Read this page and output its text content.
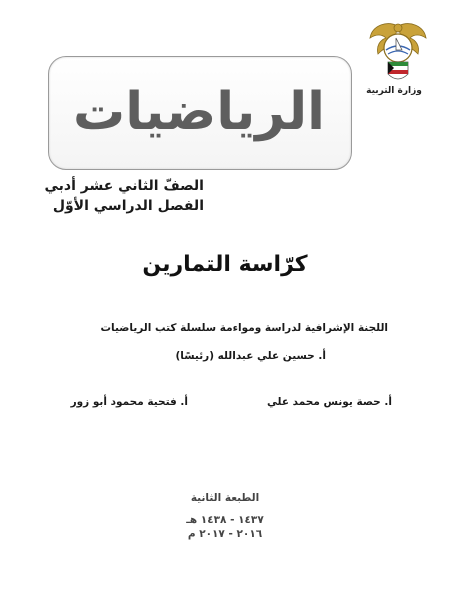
وزارة التربية
الرياضيات
الصفّ الثاني عشر أدبي
الفصل الدراسي الأوّل
كرّاسة التمارين
اللجنة الإشرافية لدراسة ومواءمة سلسلة كتب الرياضيات
أ. حسين علي عبدالله (رئيسًا)
أ. حصة يونس محمد علي
أ. فتحية محمود أبو زور
الطبعة الثانية
١٤٣٧ - ١٤٣٨ هـ
٢٠١٦ - ٢٠١٧ م
